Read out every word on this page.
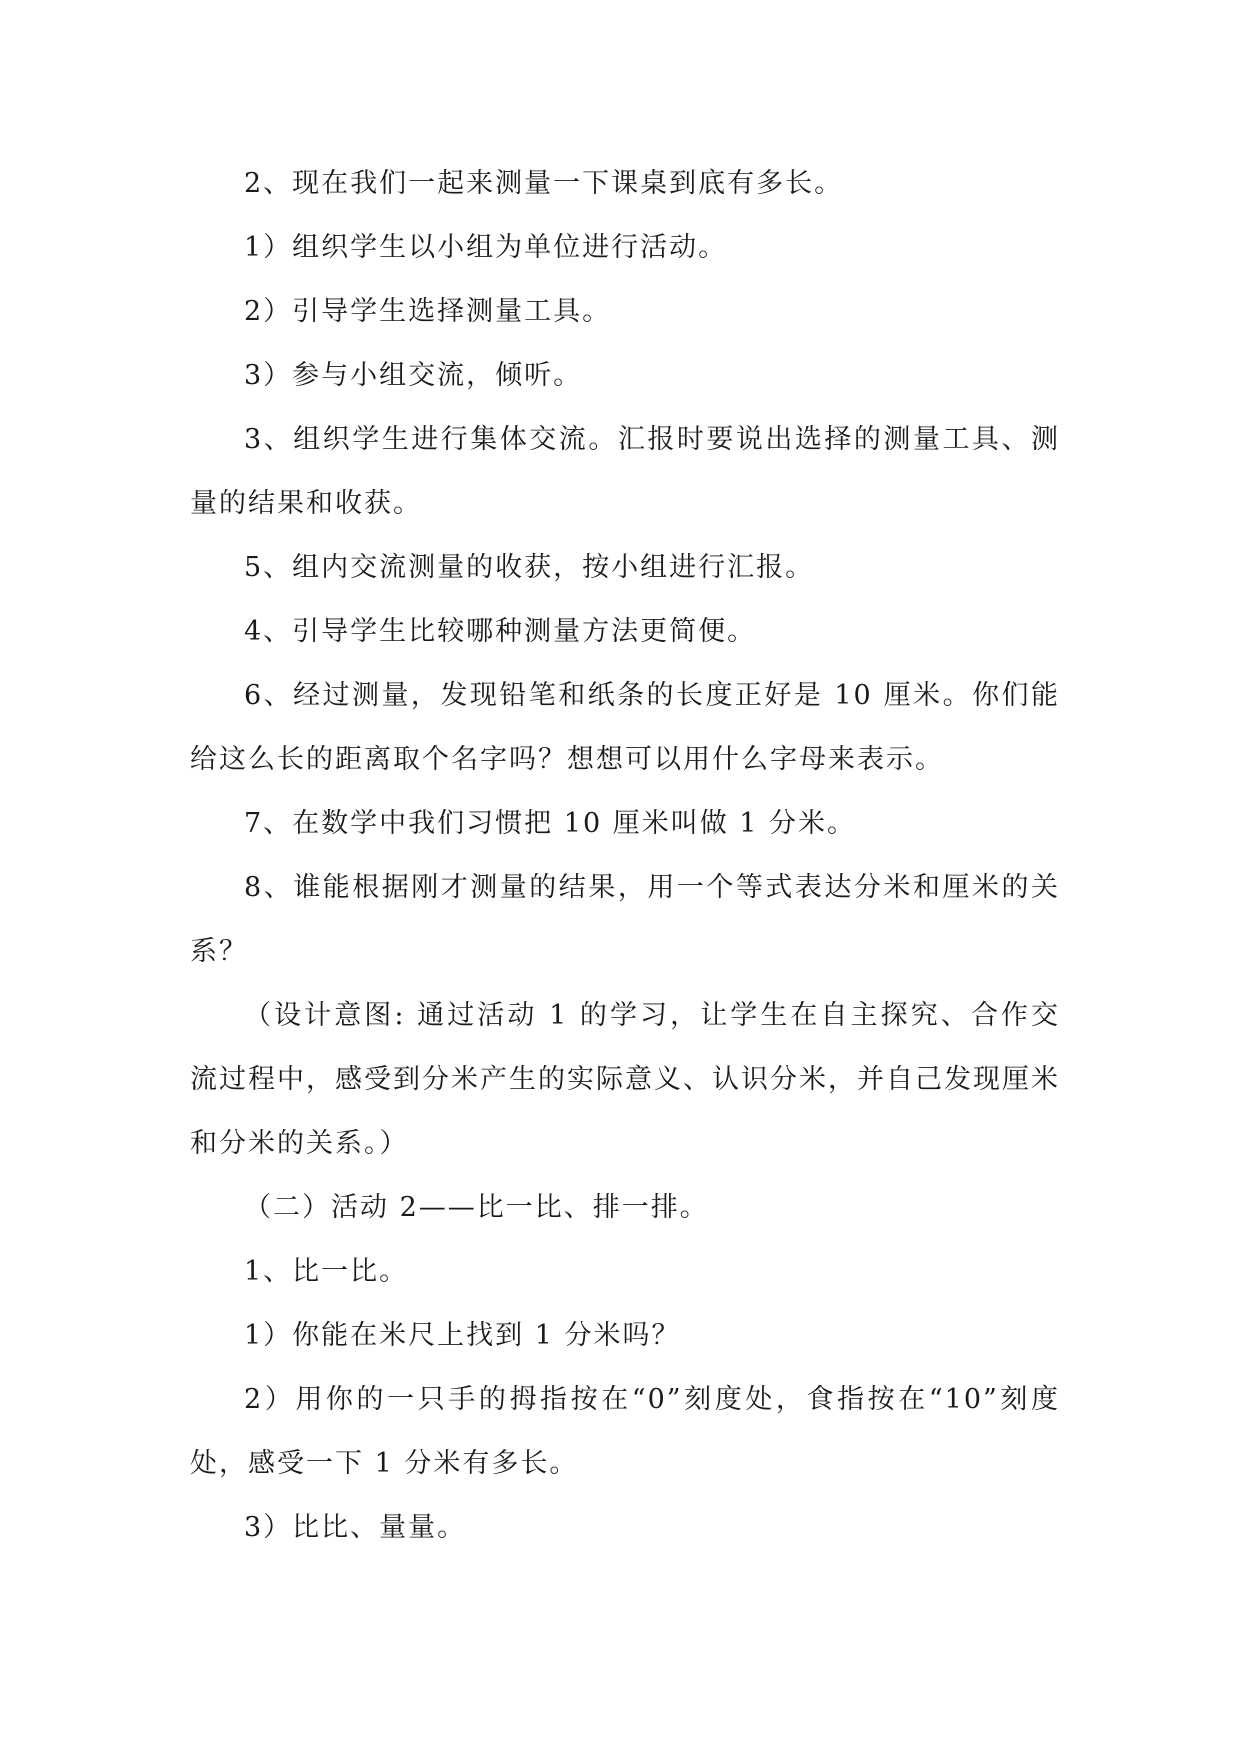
2、现在我们一起来测量一下课桌到底有多长。

1）组织学生以小组为单位进行活动。

2）引导学生选择测量工具。

3）参与小组交流，倾听。

3、组织学生进行集体交流。汇报时要说出选择的测量工具、测量的结果和收获。

5、组内交流测量的收获，按小组进行汇报。

4、引导学生比较哪种测量方法更简便。

6、经过测量，发现铅笔和纸条的长度正好是 10 厘米。你们能给这么长的距离取个名字吗？想想可以用什么字母来表示。

7、在数学中我们习惯把 10 厘米叫做 1 分米。

8、谁能根据刚才测量的结果，用一个等式表达分米和厘米的关系？

（设计意图: 通过活动 1 的学习，让学生在自主探究、合作交流过程中，感受到分米产生的实际意义、认识分米，并自己发现厘米和分米的关系。）

（二）活动 2——比一比、排一排。

1、比一比。

1）你能在米尺上找到 1 分米吗？

2）用你的一只手的拇指按在“0”刻度处，食指按在“10”刻度处，感受一下 1 分米有多长。

3）比比、量量。
